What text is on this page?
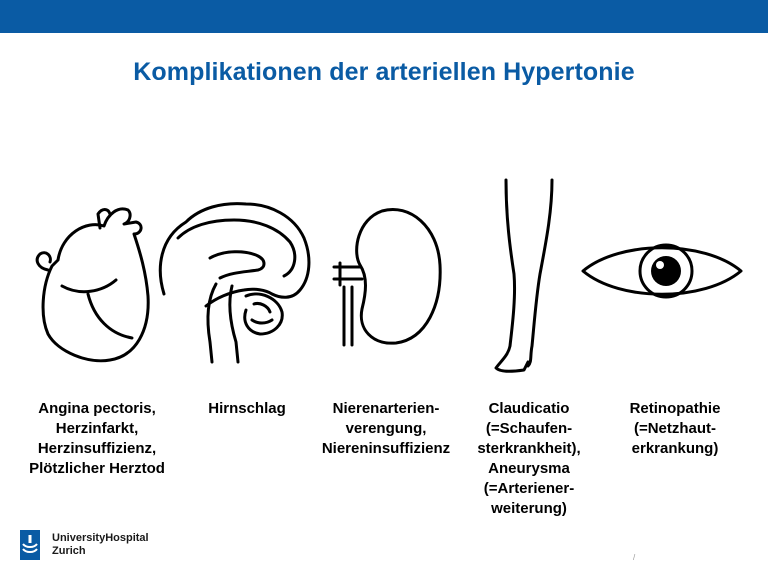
Komplikationen der arteriellen Hypertonie
Angina pectoris,
Herzinfarkt,
Herzinsuffizienz,
Plötzlicher Herztod
Hirnschlag	Nierenarterien-
verengung,
Niereninsuffizienz
Claudicatio
(=Schaufen-
sterkrankheit),
Aneurysma
(=Arteriener-
weiterung)
Retinopathie
(=Netzhaut-
erkrankung)
UniversityHospital
Zurich
/
